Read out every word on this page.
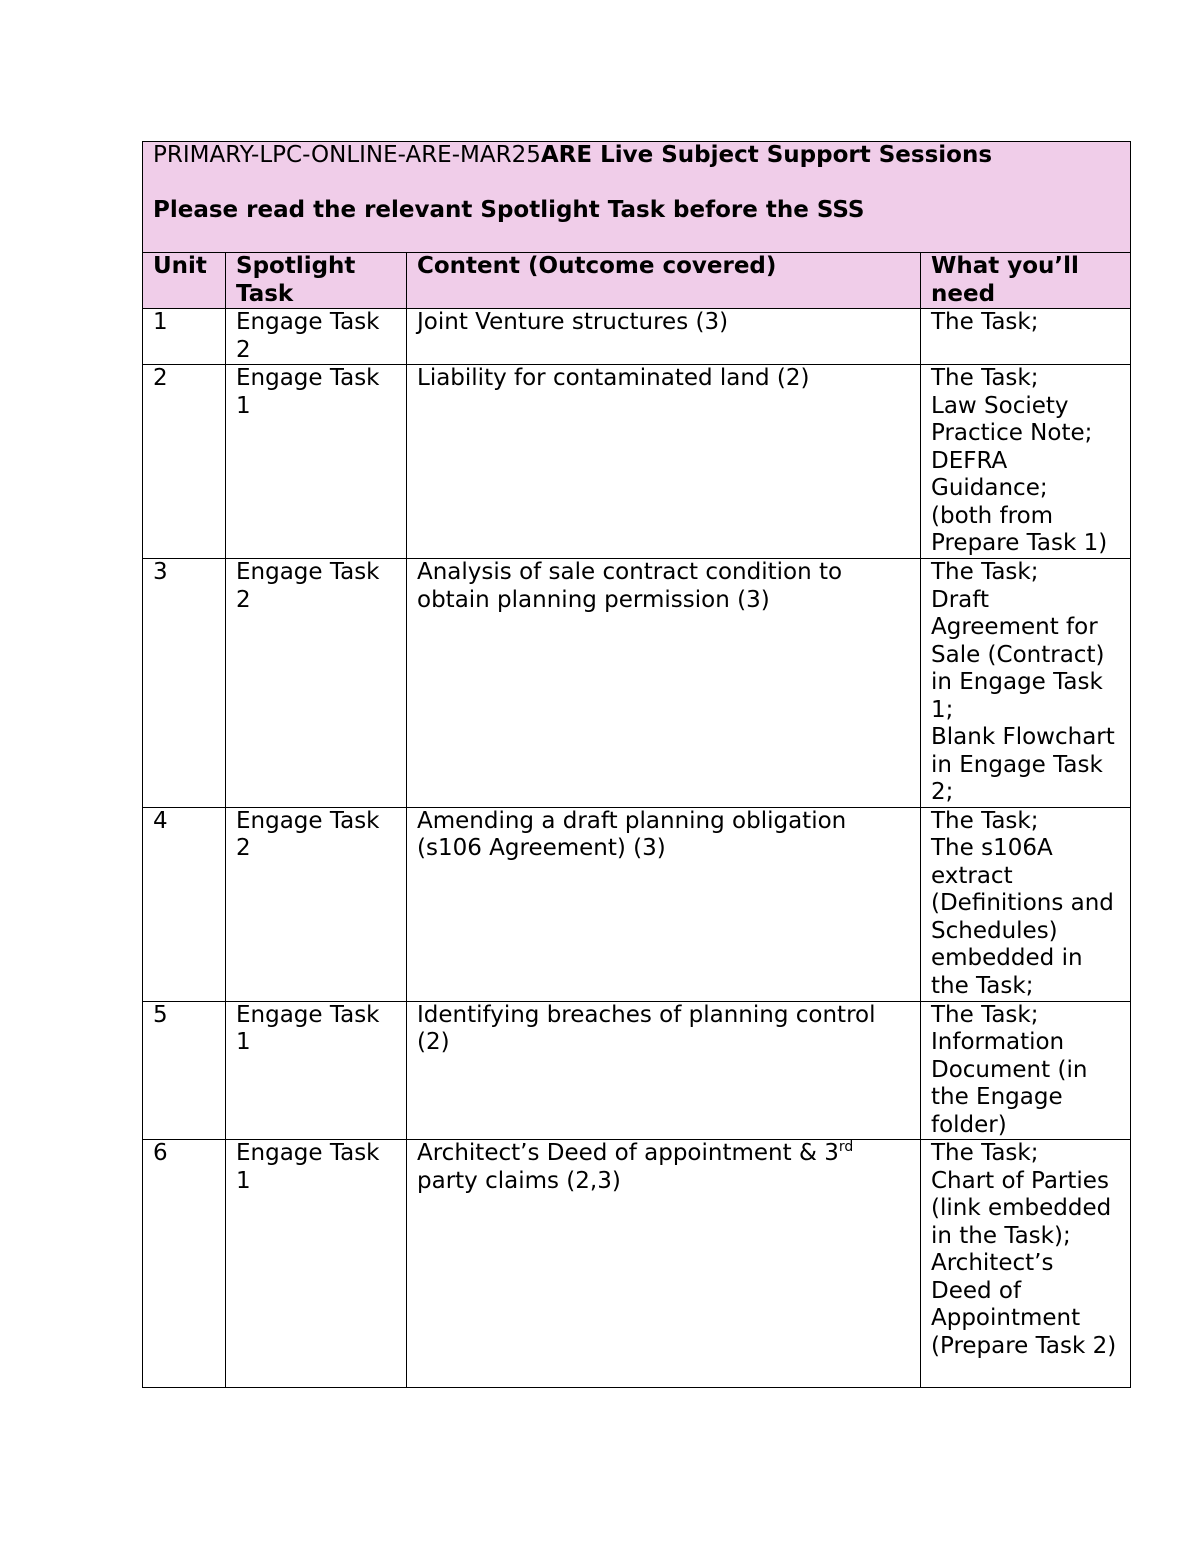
PRIMARY-LPC-ONLINE-ARE-MAR25ARE Live Subject Support Sessions
Please read the relevant Spotlight Task before the SSS			

Unit	Spotlight Task	Content (Outcome covered)	What you’ll need
1	Engage Task 2	Joint Venture structures (3)	The Task;

2	Engage Task 1	Liability for contaminated land (2)	The Task;
Law Society Practice Note;
DEFRA Guidance;
(both from Prepare Task 1)

3	Engage Task 2	Analysis of sale contract condition to obtain planning permission (3)	The Task;
Draft Agreement for Sale (Contract) in Engage Task 1;
Blank Flowchart in Engage Task 2;

4	Engage Task 2	Amending a draft planning obligation (s106 Agreement) (3)	The Task;
The s106A extract (Definitions and Schedules) embedded in the Task;

5	Engage Task 1	Identifying breaches of planning control (2)	The Task;
Information Document (in the Engage folder)

6	Engage Task 1	Architect’s Deed of appointment & 3rd party claims (2,3)	The Task;
Chart of Parties (link embedded in the Task);
Architect’s Deed of Appointment (Prepare Task 2)
